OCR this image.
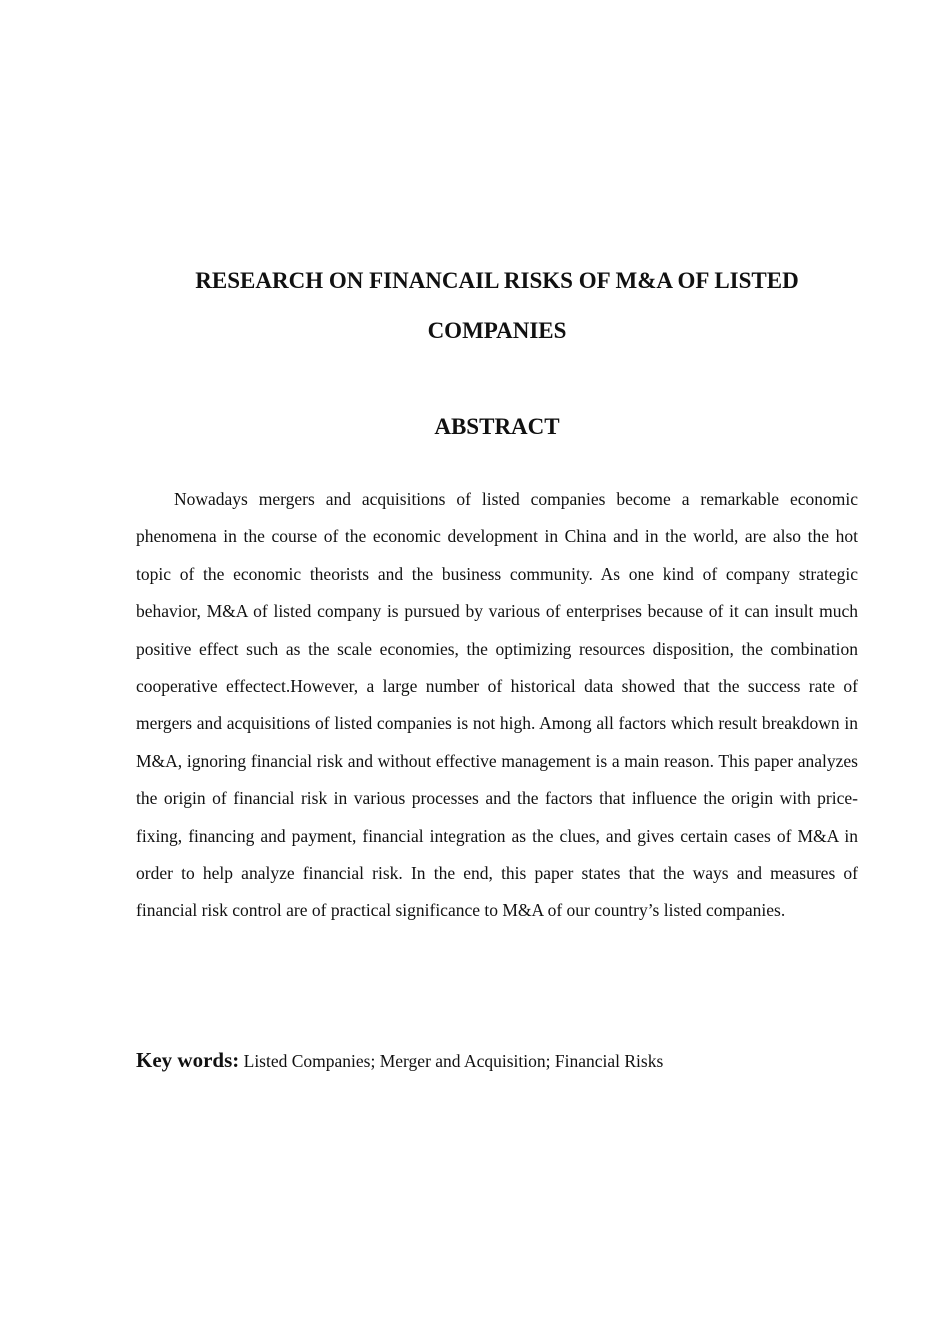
RESEARCH ON FINANCAIL RISKS OF M&A OF LISTED COMPANIES
ABSTRACT

Nowadays mergers and acquisitions of listed companies become a remarkable economic phenomena in the course of the economic development in China and in the world, are also the hot topic of the economic theorists and the business community. As one kind of company strategic behavior, M&A of listed company is pursued by various of enterprises because of it can insult much positive effect such as the scale economies, the optimizing resources disposition, the combination cooperative effectect.However, a large number of historical data showed that the success rate of mergers and acquisitions of listed companies is not high. Among all factors which result breakdown in M&A, ignoring financial risk and without effective management is a main reason. This paper analyzes the origin of financial risk in various processes and the factors that influence the origin with price-fixing, financing and payment, financial integration as the clues, and gives certain cases of M&A in order to help analyze financial risk. In the end, this paper states that the ways and measures of financial risk control are of practical significance to M&A of our country’s listed companies.

Key words: Listed Companies; Merger and Acquisition; Financial Risks
